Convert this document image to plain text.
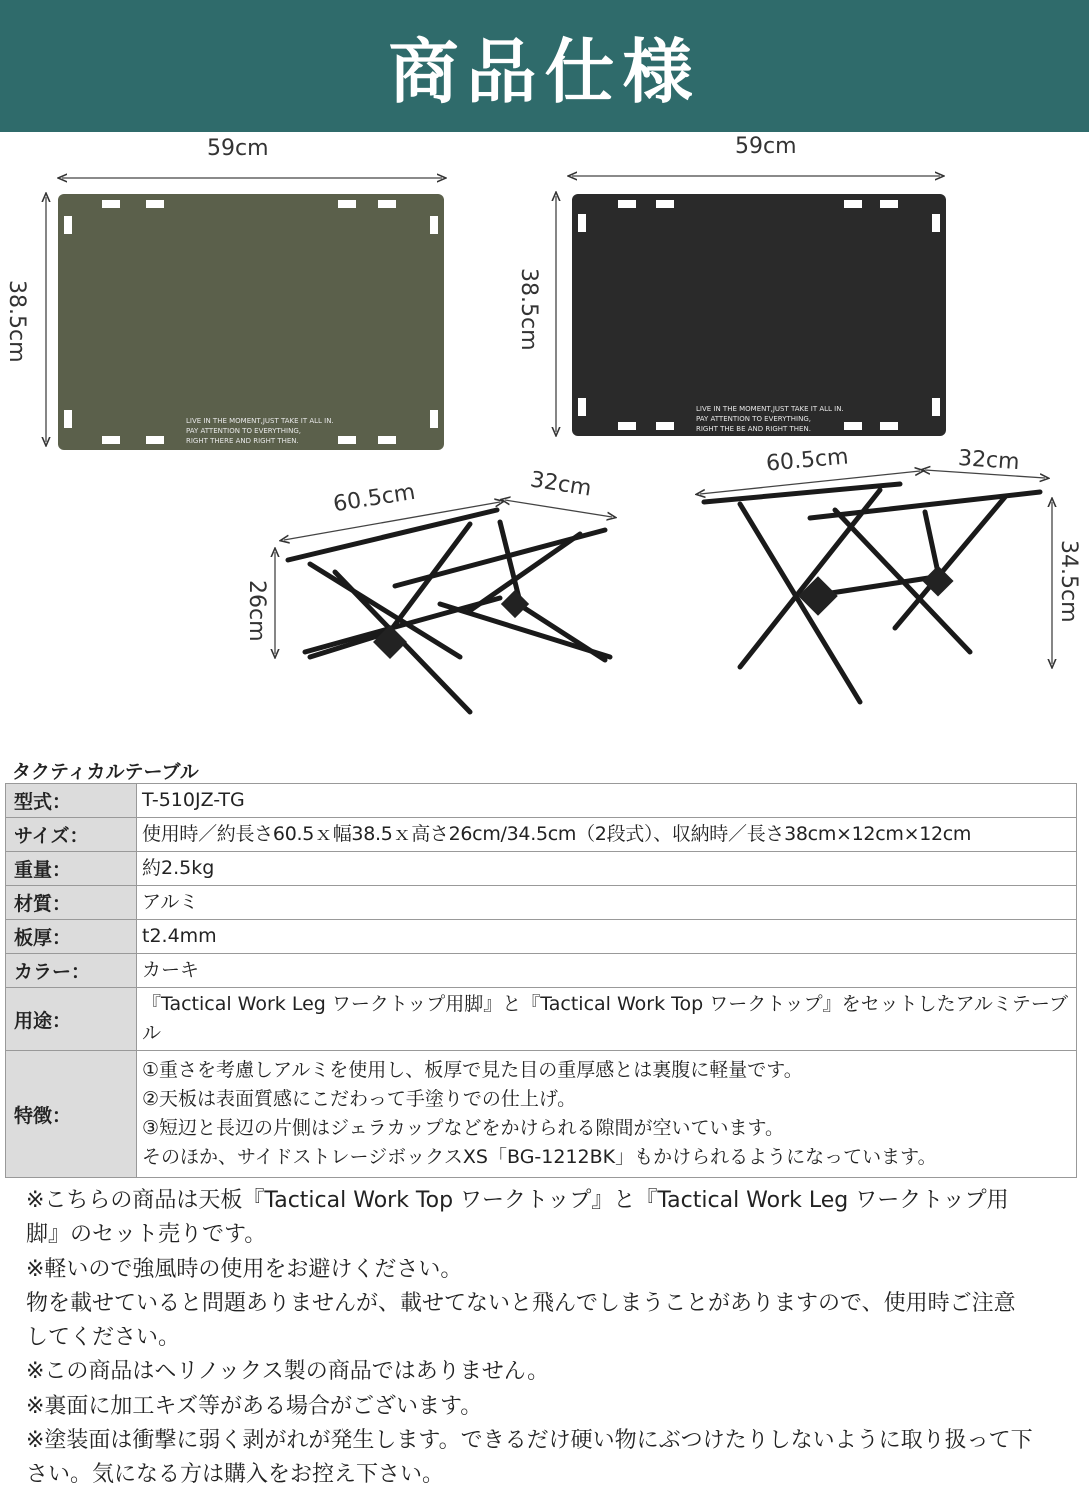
商品仕様
59cm
38.5cm
59cm
38.5cm
60.5cm	32cm
26cm
60.5cm	32cm
34.5cm
LIVE IN THE MOMENT,JUST TAKE IT ALL IN.
PAY ATTENTION TO EVERYTHING,
RIGHT THERE AND RIGHT THEN.
LIVE IN THE MOMENT,JUST TAKE IT ALL IN.
PAY ATTENTION TO EVERYTHING,
RIGHT THE BE AND RIGHT THEN.
タクティカルテーブル
型式：	T-510JZ-TG
サイズ：	使用時／約長さ60.5ｘ幅38.5ｘ高さ26cm/34.5cm（2段式）、収納時／長さ38cm×12cm×12cm
重量：	約2.5kg
材質：	アルミ
板厚：	t2.4mm
カラー：	カーキ
用途：	『Tactical Work Leg ワークトップ用脚』と『Tactical Work Top ワークトップ』をセットしたアルミテーブル
特徴：	①重さを考慮しアルミを使用し、板厚で見た目の重厚感とは裏腹に軽量です。
②天板は表面質感にこだわって手塗りでの仕上げ。
③短辺と長辺の片側はジェラカップなどをかけられる隙間が空いています。
そのほか、サイドストレージボックスXS「BG-1212BK」もかけられるようになっています。

※こちらの商品は天板『Tactical Work Top ワークトップ』と『Tactical Work Leg ワークトップ用脚』のセット売りです。

※軽いので強風時の使用をお避けください。

物を載せていると問題ありませんが、載せてないと飛んでしまうことがありますので、使用時ご注意してください。

※この商品はヘリノックス製の商品ではありません。

※裏面に加工キズ等がある場合がございます。

※塗装面は衝撃に弱く剥がれが発生します。できるだけ硬い物にぶつけたりしないように取り扱って下さい。気になる方は購入をお控え下さい。
